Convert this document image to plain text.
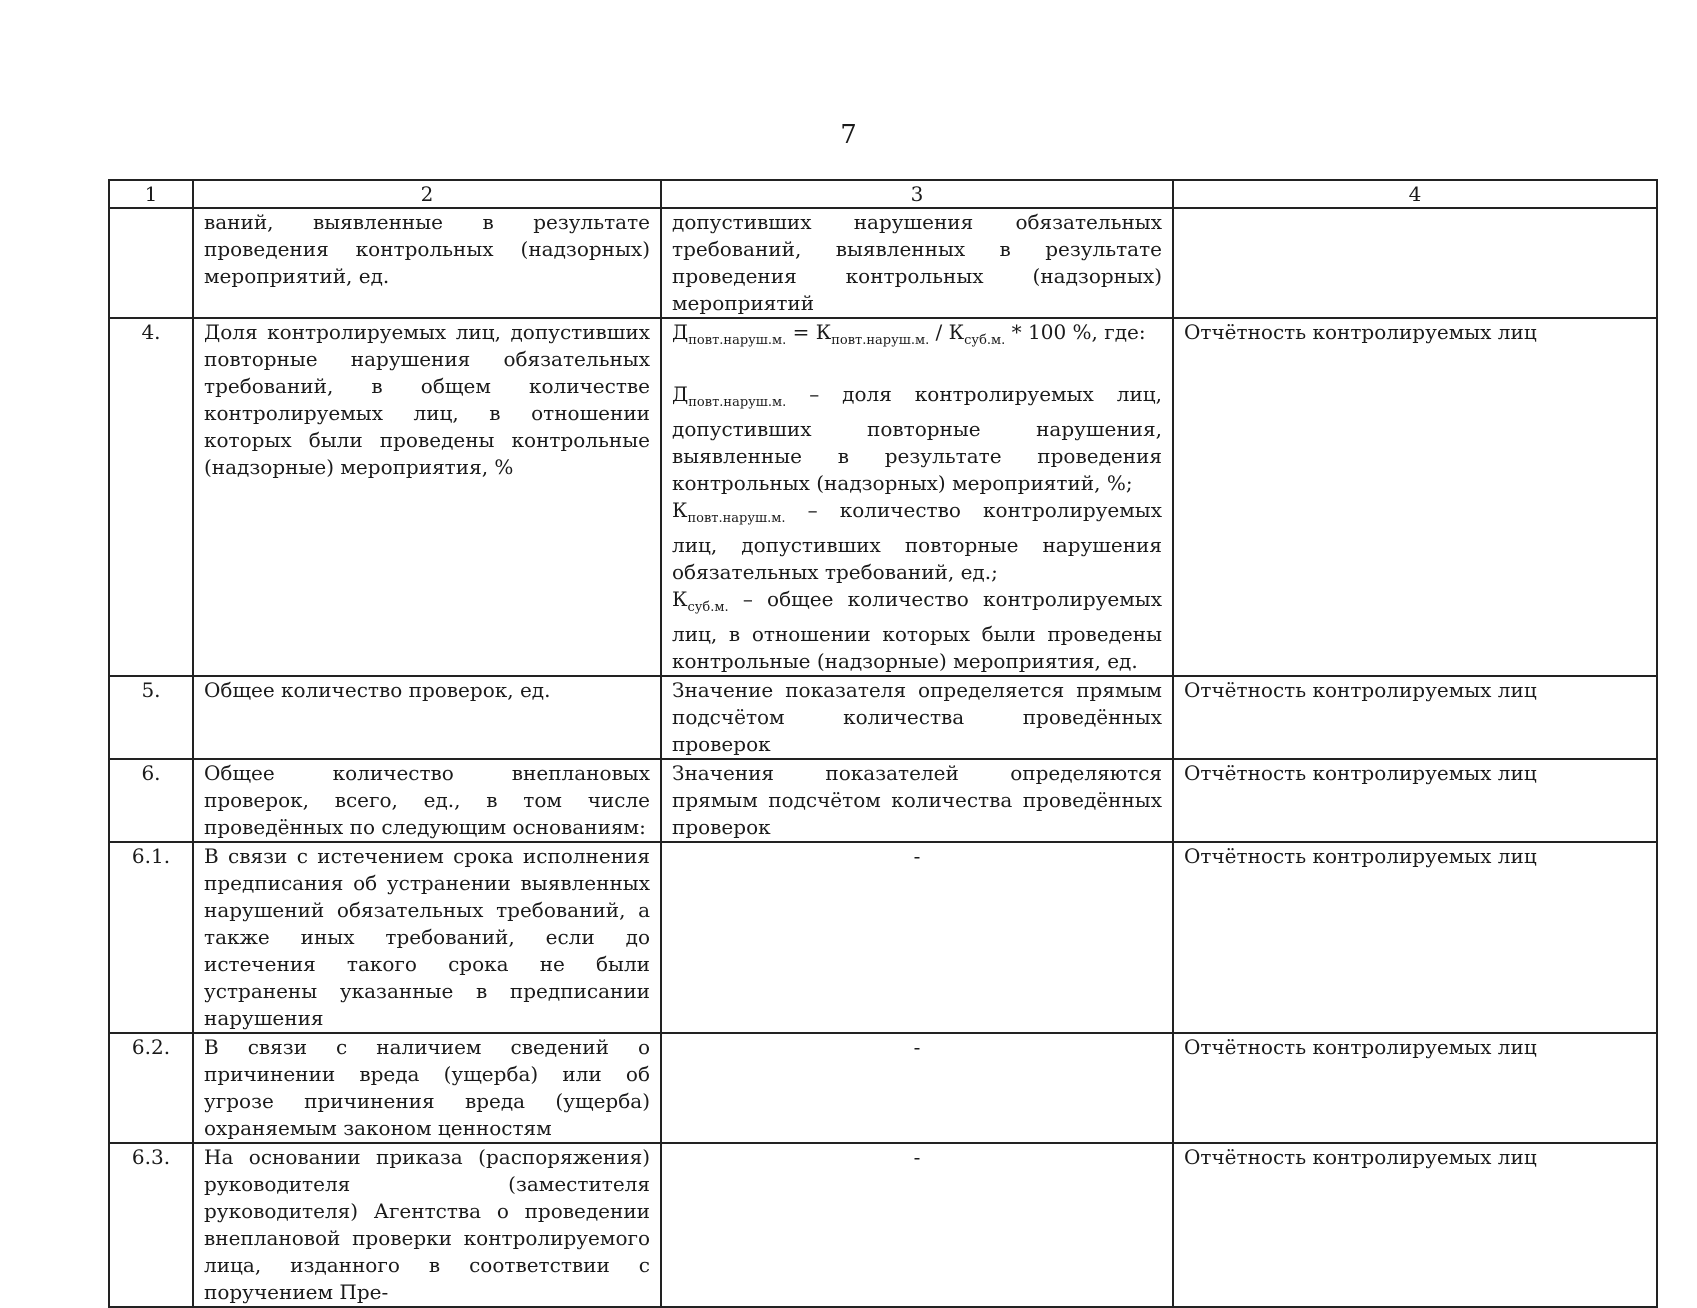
7
1	2	3	4
	ваний, выявленные в результате проведения контрольных (надзорных) мероприятий, ед.	допустивших нарушения обязательных требований, выявленных в результате проведения контрольных (надзорных) мероприятий	
4.	Доля контролируемых лиц, допустивших повторные нарушения обязательных требований, в общем количестве контролируемых лиц, в отношении которых были проведены контрольные (надзорные) мероприятия, %	$Д_{повт.наруш.м.} = К_{повт.наруш.м.} / К_{суб.м.} * 100$ %, где:
$Д_{повт.наруш.м.}$ – доля контролируемых лиц, допустивших повторные нарушения, выявленные в результате проведения контрольных (надзорных) мероприятий, %;
$К_{повт.наруш.м.}$ – количество контролируемых лиц, допустивших повторные нарушения обязательных требований, ед.;
$К_{суб.м.}$ – общее количество контролируемых лиц, в отношении которых были проведены контрольные (надзорные) мероприятия, ед.	Отчётность контролируемых лиц
5.	Общее количество проверок, ед.	Значение показателя определяется прямым подсчётом количества проведённых проверок	Отчётность контролируемых лиц
6.	Общее количество внеплановых проверок, всего, ед., в том числе проведённых по следующим основаниям:	Значения показателей определяются прямым подсчётом количества проведённых проверок	Отчётность контролируемых лиц
6.1.	В связи с истечением срока исполнения предписания об устранении выявленных нарушений обязательных требований, а также иных требований, если до истечения такого срока не были устранены указанные в предписании нарушения	-	Отчётность контролируемых лиц
6.2.	В связи с наличием сведений о причинении вреда (ущерба) или об угрозе причинения вреда (ущерба) охраняемым законом ценностям	-	Отчётность контролируемых лиц
6.3.	На основании приказа (распоряжения) руководителя (заместителя руководителя) Агентства о проведении внеплановой проверки контролируемого лица, изданного в соответствии с поручением Пре-	-	Отчётность контролируемых лиц
